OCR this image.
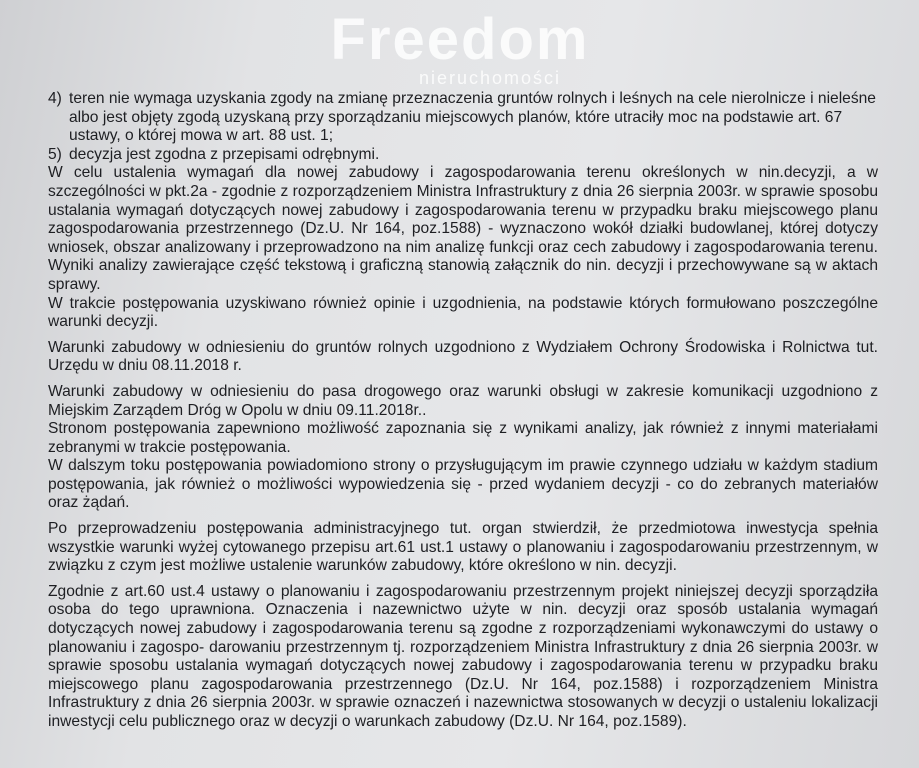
Freedom
nieruchomości
4) teren nie wymaga uzyskania zgody na zmianę przeznaczenia gruntów rolnych i leśnych na cele nierolnicze i nieleśne albo jest objęty zgodą uzyskaną przy sporządzaniu miejscowych planów, które utraciły moc na podstawie art. 67 ustawy, o której mowa w art. 88 ust. 1;
5) decyzja jest zgodna z przepisami odrębnymi.

W celu ustalenia wymagań dla nowej zabudowy i zagospodarowania terenu określonych w nin.decyzji, a w szczególności w pkt.2a - zgodnie z rozporządzeniem Ministra Infrastruktury z dnia 26 sierpnia 2003r. w sprawie sposobu ustalania wymagań dotyczących nowej zabudowy i zagospodarowania terenu w przypadku braku miejscowego planu zagospodarowania przestrzennego (Dz.U. Nr 164, poz.1588) - wyznaczono wokół działki budowlanej, której dotyczy wniosek, obszar analizowany i przeprowadzono na nim analizę funkcji oraz cech zabudowy i zagospodarowania terenu. Wyniki analizy zawierające część tekstową i graficzną stanowią załącznik do nin. decyzji i przechowywane są w aktach sprawy.

W trakcie postępowania uzyskiwano również opinie i uzgodnienia, na podstawie których formułowano poszczególne warunki decyzji.

Warunki zabudowy w odniesieniu do gruntów rolnych uzgodniono z Wydziałem Ochrony Środowiska i Rolnictwa tut. Urzędu w dniu 08.11.2018 r.

Warunki zabudowy w odniesieniu do pasa drogowego oraz warunki obsługi w zakresie komunikacji uzgodniono z Miejskim Zarządem Dróg w Opolu w dniu 09.11.2018r..

Stronom postępowania zapewniono możliwość zapoznania się z wynikami analizy, jak również z innymi materiałami zebranymi w trakcie postępowania.

W dalszym toku postępowania powiadomiono strony o przysługującym im prawie czynnego udziału w każdym stadium postępowania, jak również o możliwości wypowiedzenia się - przed wydaniem decyzji - co do zebranych materiałów oraz żądań.

Po przeprowadzeniu postępowania administracyjnego tut. organ stwierdził, że przedmiotowa inwestycja spełnia wszystkie warunki wyżej cytowanego przepisu art.61 ust.1 ustawy o planowaniu i zagospodarowaniu przestrzennym, w związku z czym jest możliwe ustalenie warunków zabudowy, które określono w nin. decyzji.

Zgodnie z art.60 ust.4 ustawy o planowaniu i zagospodarowaniu przestrzennym projekt niniejszej decyzji sporządziła osoba do tego uprawniona. Oznaczenia i nazewnictwo użyte w nin. decyzji oraz sposób ustalania wymagań dotyczących nowej zabudowy i zagospodarowania terenu są zgodne z rozporządzeniami wykonawczymi do ustawy o planowaniu i zagospo- darowaniu przestrzennym tj. rozporządzeniem Ministra Infrastruktury z dnia 26 sierpnia 2003r. w sprawie sposobu ustalania wymagań dotyczących nowej zabudowy i zagospodarowania terenu w przypadku braku miejscowego planu zagospodarowania przestrzennego (Dz.U. Nr 164, poz.1588) i rozporządzeniem Ministra Infrastruktury z dnia 26 sierpnia 2003r. w sprawie oznaczeń i nazewnictwa stosowanych w decyzji o ustaleniu lokalizacji inwestycji celu publicznego oraz w decyzji o warunkach zabudowy (Dz.U. Nr 164, poz.1589).
